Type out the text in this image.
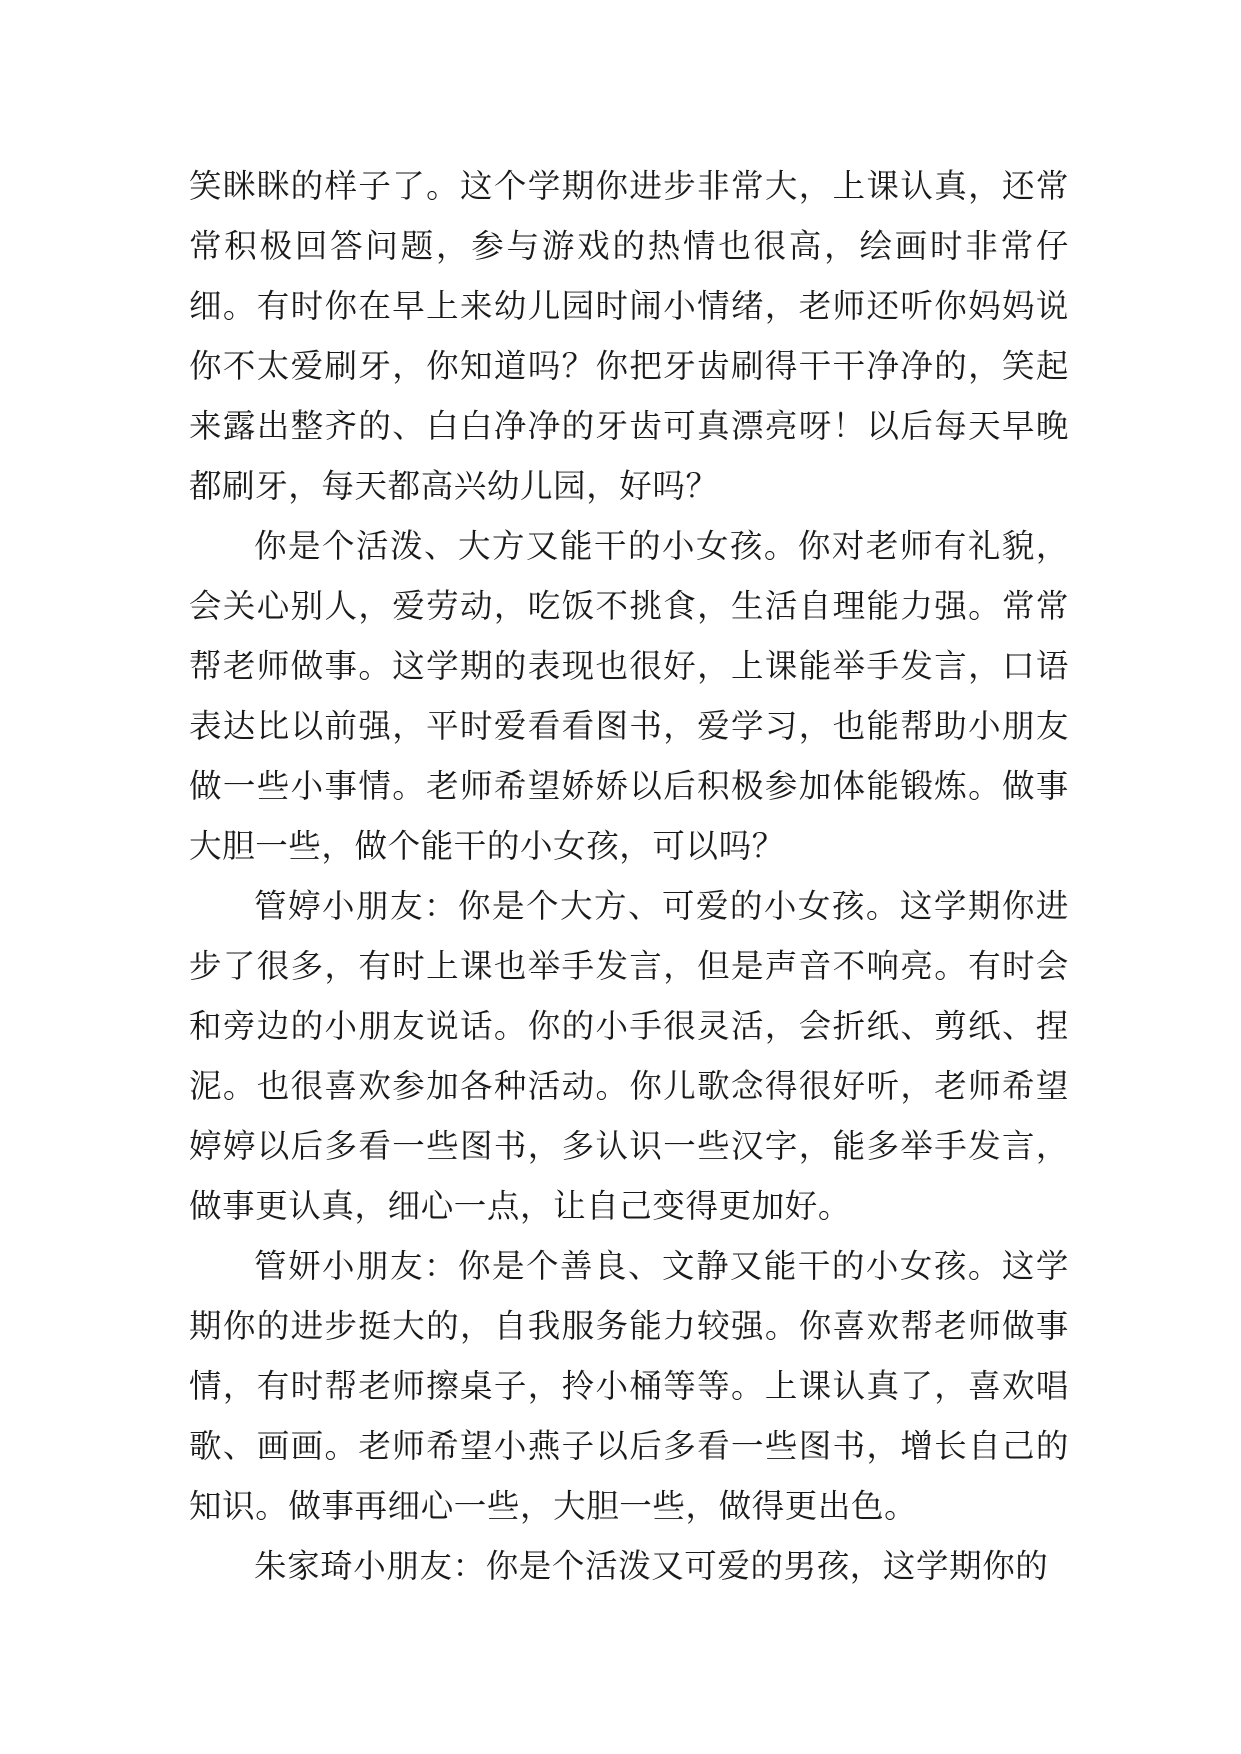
笑眯眯的样子了。这个学期你进步非常大，上课认真，还常常积极回答问题，参与游戏的热情也很高，绘画时非常仔细。有时你在早上来幼儿园时闹小情绪，老师还听你妈妈说你不太爱刷牙，你知道吗？你把牙齿刷得干干净净的，笑起来露出整齐的、白白净净的牙齿可真漂亮呀！以后每天早晚都刷牙，每天都高兴幼儿园，好吗？

你是个活泼、大方又能干的小女孩。你对老师有礼貌，会关心别人，爱劳动，吃饭不挑食，生活自理能力强。常常帮老师做事。这学期的表现也很好，上课能举手发言，口语表达比以前强，平时爱看看图书，爱学习，也能帮助小朋友做一些小事情。老师希望娇娇以后积极参加体能锻炼。做事大胆一些，做个能干的小女孩，可以吗？

管婷小朋友：你是个大方、可爱的小女孩。这学期你进步了很多，有时上课也举手发言，但是声音不响亮。有时会和旁边的小朋友说话。你的小手很灵活，会折纸、剪纸、捏泥。也很喜欢参加各种活动。你儿歌念得很好听，老师希望婷婷以后多看一些图书，多认识一些汉字，能多举手发言，做事更认真，细心一点，让自己变得更加好。

管妍小朋友：你是个善良、文静又能干的小女孩。这学期你的进步挺大的，自我服务能力较强。你喜欢帮老师做事情，有时帮老师擦桌子，拎小桶等等。上课认真了，喜欢唱歌、画画。老师希望小燕子以后多看一些图书，增长自己的知识。做事再细心一些，大胆一些，做得更出色。

朱家琦小朋友：你是个活泼又可爱的男孩，这学期你的
